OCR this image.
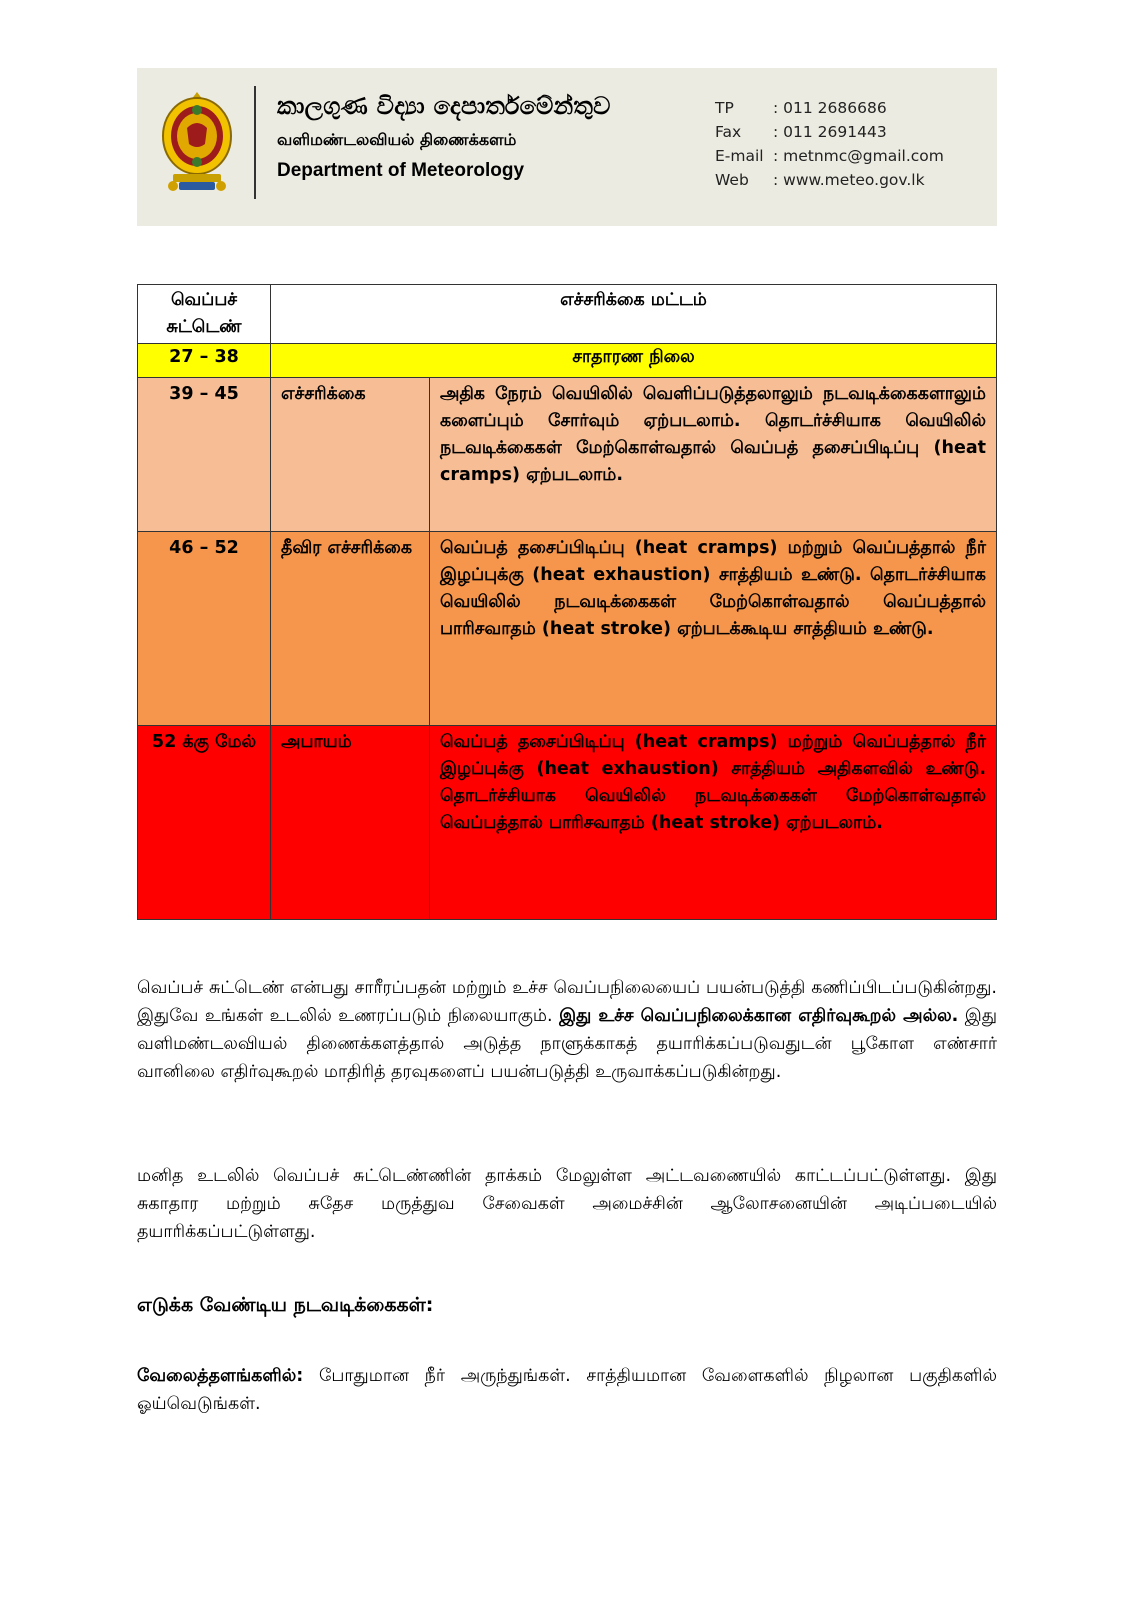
කාලගුණ විද්‍යා දෙපාර්තමේන්තුව
வளிமண்டலவியல் திணைக்களம்
Department of Meteorology
TP	: 011 2686686
Fax : 011 2691443
E-mail : metnmc@gmail.com
Web : www.meteo.gov.lk
வெப்பச் சுட்டெண்	எச்சரிக்கை மட்டம்	
27 – 38	சாதாரண நிலை	
39 – 45	எச்சரிக்கை	அதிக நேரம் வெயிலில் வெளிப்படுத்தலாலும் நடவடிக்கைகளாலும் களைப்பும் சோர்வும் ஏற்படலாம். தொடர்ச்சியாக வெயிலில் நடவடிக்கைகள் மேற்கொள்வதால் வெப்பத் தசைப்பிடிப்பு (heat cramps) ஏற்படலாம்.
46 – 52	தீவிர எச்சரிக்கை	வெப்பத் தசைப்பிடிப்பு (heat cramps) மற்றும் வெப்பத்தால் நீர் இழப்புக்கு (heat exhaustion) சாத்தியம் உண்டு. தொடர்ச்சியாக வெயிலில் நடவடிக்கைகள் மேற்கொள்வதால் வெப்பத்தால் பாரிசவாதம் (heat stroke) ஏற்படக்கூடிய சாத்தியம் உண்டு.
52 க்கு மேல்	அபாயம்	வெப்பத் தசைப்பிடிப்பு (heat cramps) மற்றும் வெப்பத்தால் நீர் இழப்புக்கு (heat exhaustion) சாத்தியம் அதிகளவில் உண்டு. தொடர்ச்சியாக வெயிலில் நடவடிக்கைகள் மேற்கொள்வதால் வெப்பத்தால் பாரிசவாதம் (heat stroke) ஏற்படலாம்.
வெப்பச் சுட்டெண் என்பது சாரீரப்பதன் மற்றும் உச்ச வெப்பநிலையைப் பயன்படுத்தி கணிப்பிடப்படுகின்றது. இதுவே உங்கள் உடலில் உணரப்படும் நிலையாகும். இது உச்ச வெப்பநிலைக்கான எதிர்வுகூறல் அல்ல. இது வளிமண்டலவியல் திணைக்களத்தால் அடுத்த நாளுக்காகத் தயாரிக்கப்படுவதுடன் பூகோள எண்சார் வானிலை எதிர்வுகூறல் மாதிரித் தரவுகளைப் பயன்படுத்தி உருவாக்கப்படுகின்றது.
மனித உடலில் வெப்பச் சுட்டெண்ணின் தாக்கம் மேலுள்ள அட்டவணையில் காட்டப்பட்டுள்ளது. இது சுகாதார மற்றும் சுதேச மருத்துவ சேவைகள் அமைச்சின் ஆலோசனையின் அடிப்படையில் தயாரிக்கப்பட்டுள்ளது.
எடுக்க வேண்டிய நடவடிக்கைகள்:
வேலைத்தளங்களில்: போதுமான நீர் அருந்துங்கள். சாத்தியமான வேளைகளில் நிழலான பகுதிகளில் ஓய்வெடுங்கள்.
